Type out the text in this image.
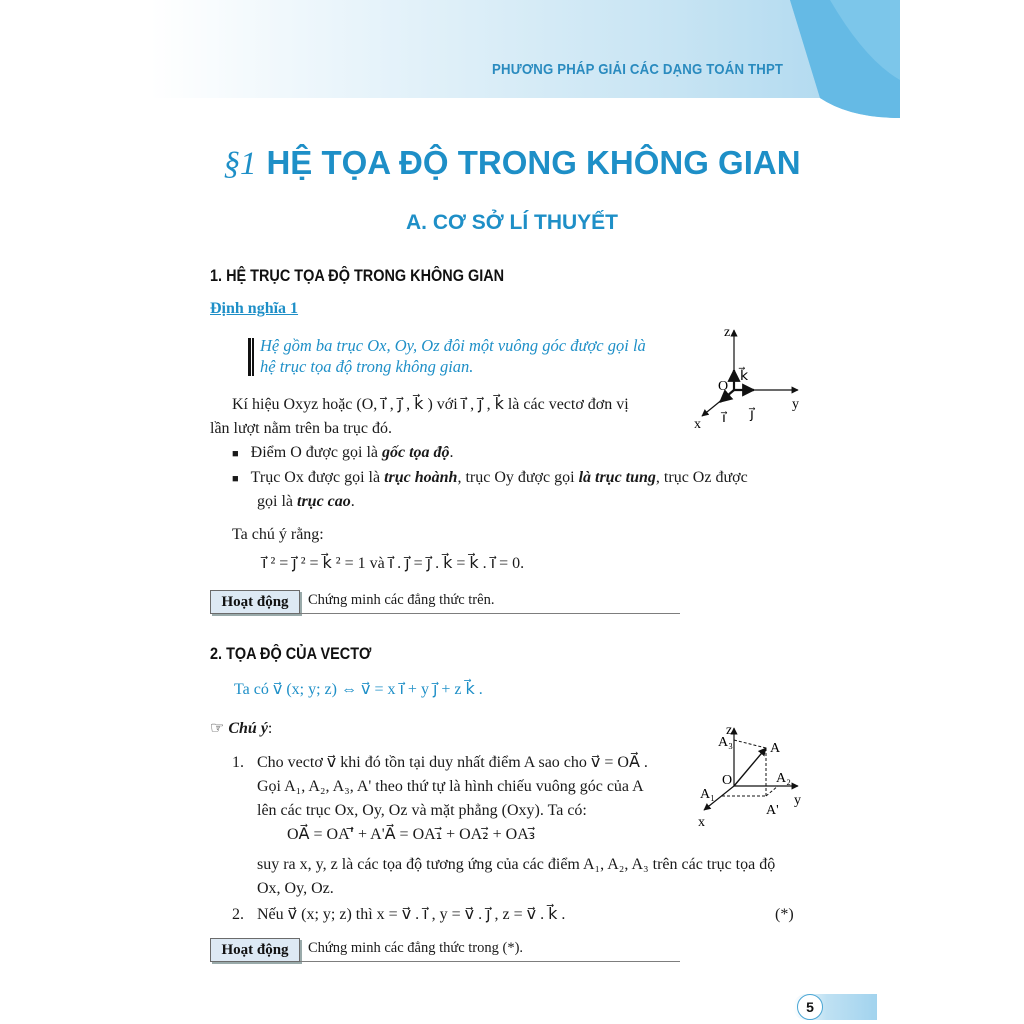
PHƯƠNG PHÁP GIẢI CÁC DẠNG TOÁN THPT
§1 HỆ TỌA ĐỘ TRONG KHÔNG GIAN
A. CƠ SỞ LÍ THUYẾT
1. HỆ TRỤC TỌA ĐỘ TRONG KHÔNG GIAN
Định nghĩa 1
Hệ gồm ba trục Ox, Oy, Oz đôi một vuông góc được gọi là
hệ trục tọa độ trong không gian.
z
y
x
O
k⃗
j⃗
i⃗
Kí hiệu Oxyz hoặc (O, i⃗ , j⃗ , k⃗ ) với i⃗ , j⃗ , k⃗ là các vectơ đơn vị
lần lượt nằm trên ba trục đó.
■ Điểm O được gọi là gốc tọa độ.
■ Trục Ox được gọi là trục hoành, trục Oy được gọi là trục tung, trục Oz được
gọi là trục cao.
Ta chú ý rằng:
i⃗ ² = j⃗ ² = k⃗ ² = 1 và i⃗ . j⃗ = j⃗ . k⃗ = k⃗ . i⃗ = 0.
Hoạt động	Chứng minh các đẳng thức trên.
2. TỌA ĐỘ CỦA VECTƠ
Ta có v⃗ (x; y; z) ⇔ v⃗ = x i⃗ + y j⃗ + z k⃗ .
☞ Chú ý:
1. Cho vectơ v⃗ khi đó tồn tại duy nhất điểm A sao cho v⃗ = OA⃗ .
Gọi A₁, A₂, A₃, A' theo thứ tự là hình chiếu vuông góc của A
lên các trục Ox, Oy, Oz và mặt phẳng (Oxy). Ta có:
OA⃗ = OA'⃗ + A'A⃗ = OA₁⃗ + OA₂⃗ + OA₃⃗
suy ra x, y, z là các tọa độ tương ứng của các điểm A₁, A₂, A₃ trên các trục tọa độ
Ox, Oy, Oz.
2. Nếu v⃗ (x; y; z) thì x = v⃗ . i⃗ , y = v⃗ . j⃗ , z = v⃗ . k⃗ .	(*)
z
y
x
O
A
A₁
A₂
A₃
A'
Hoạt động	Chứng minh các đẳng thức trong (*).
5
